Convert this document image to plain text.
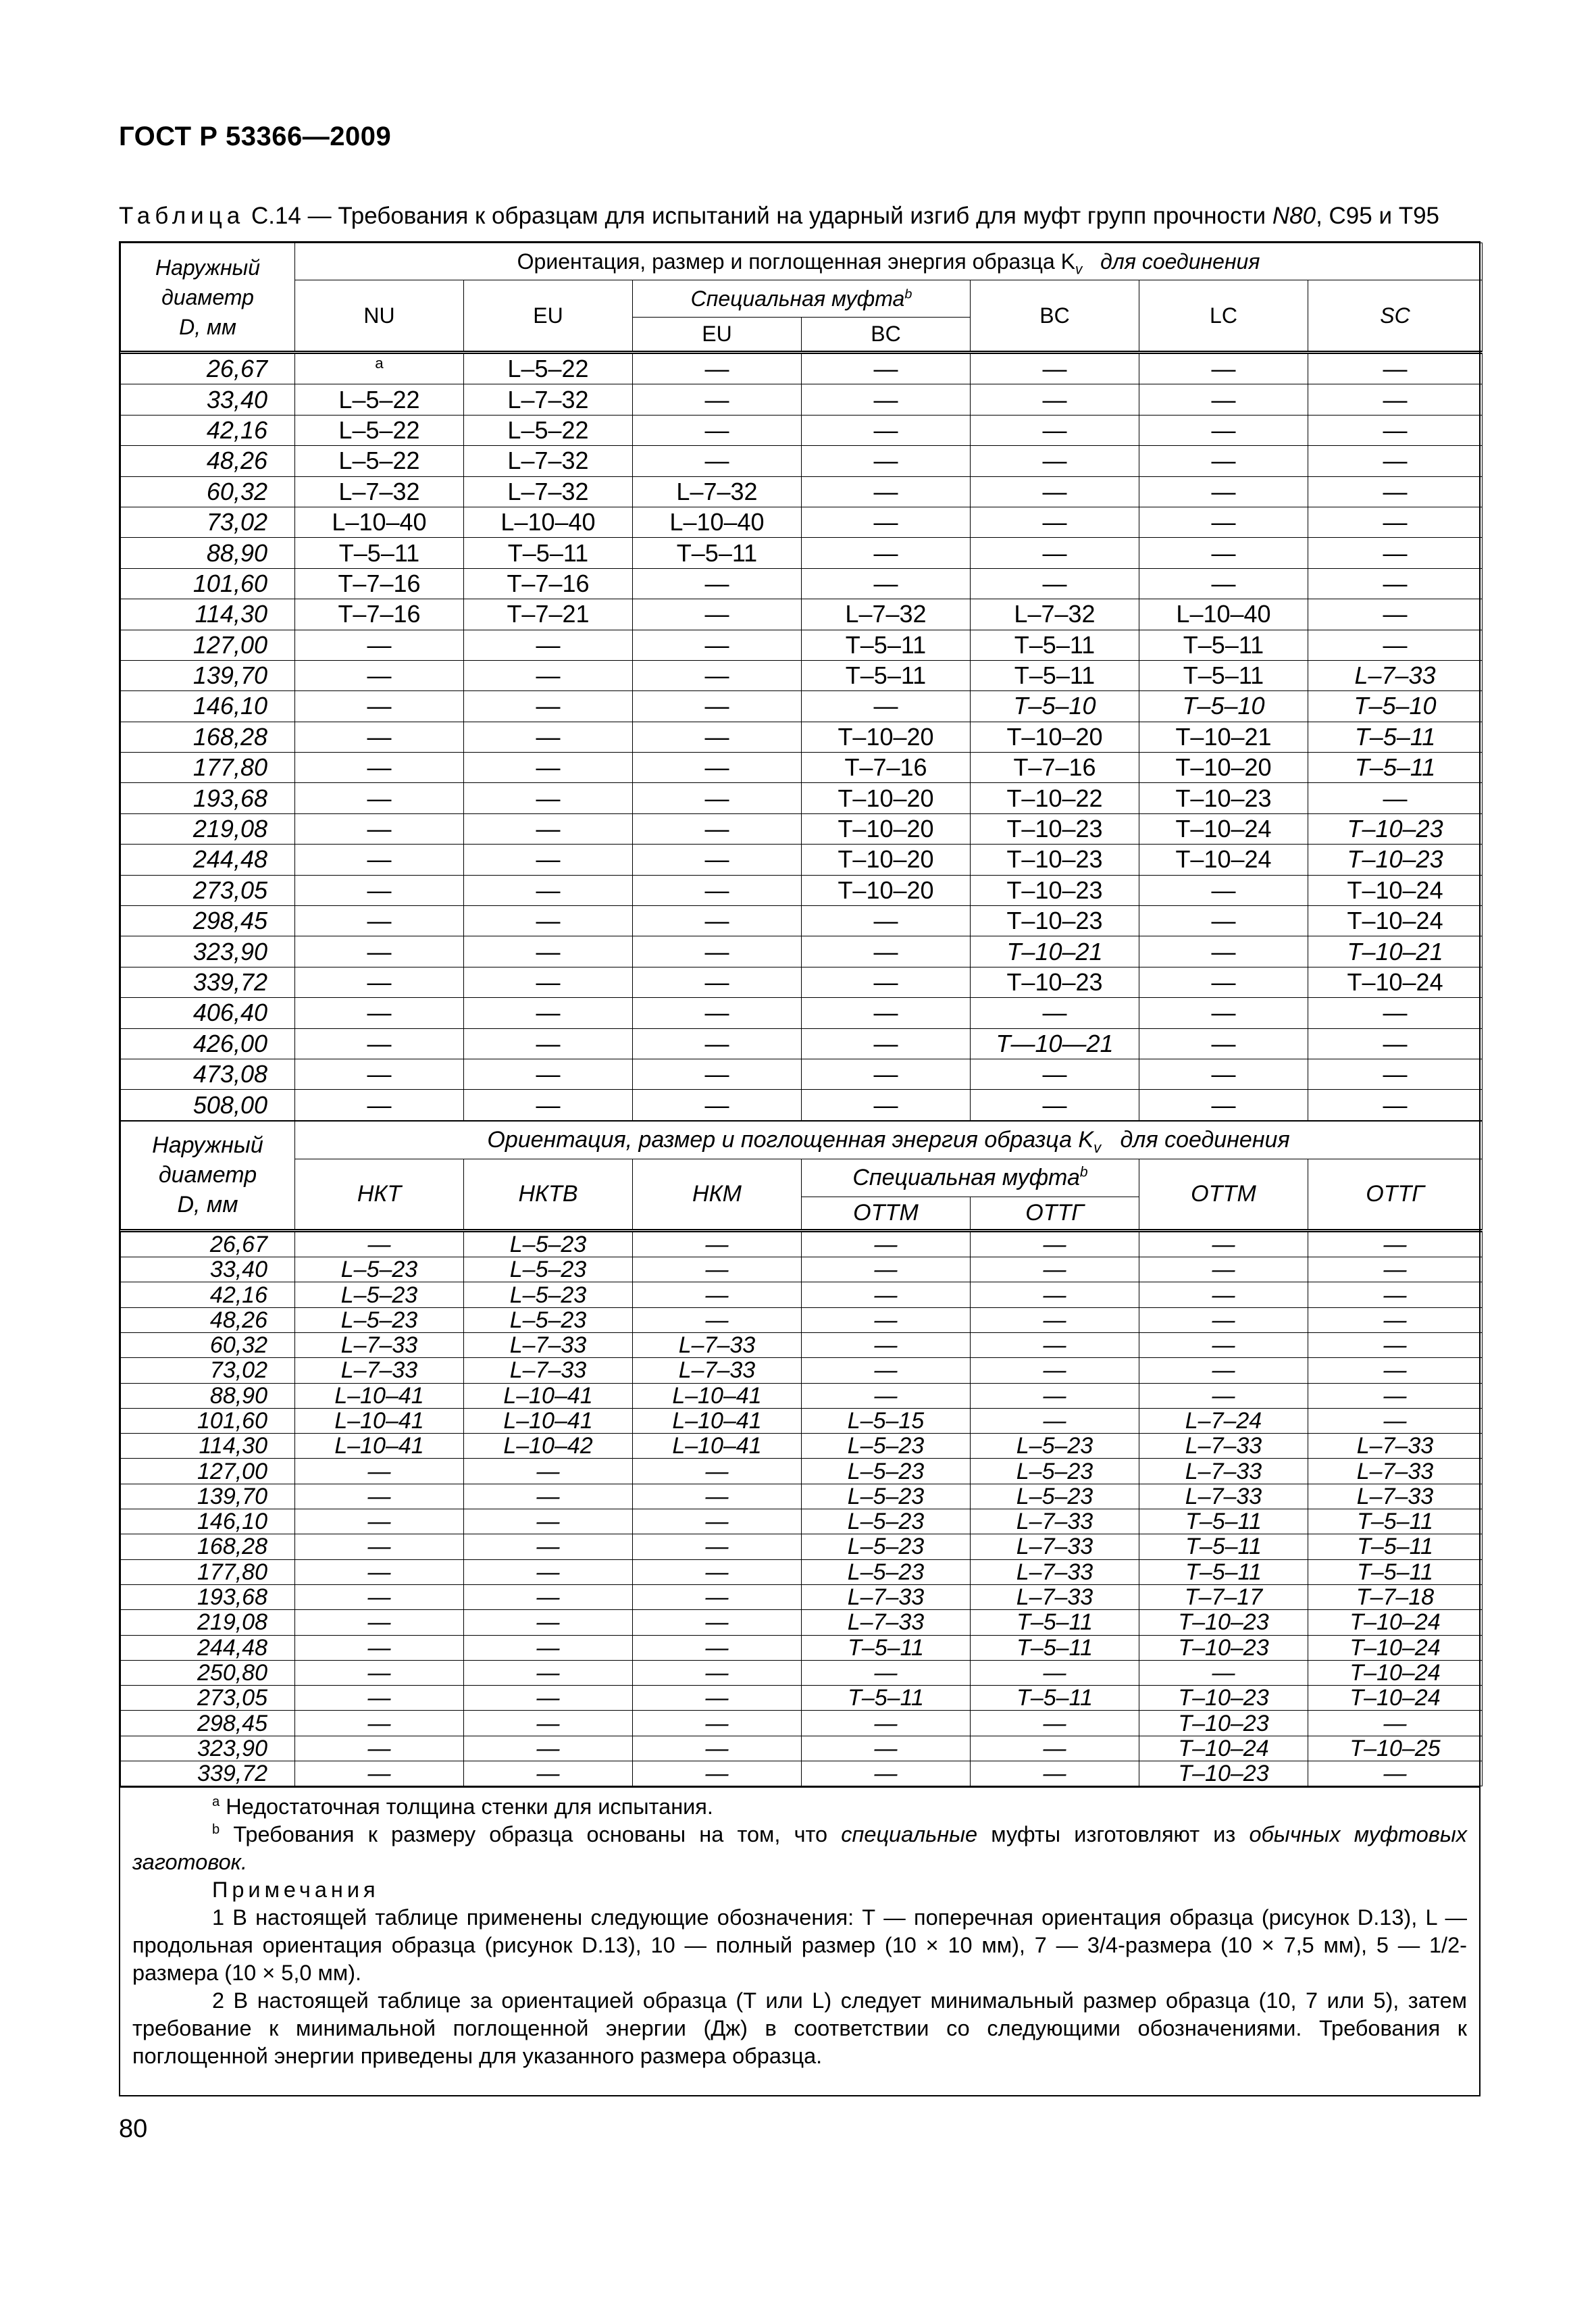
ГОСТ Р 53366—2009
Таблица С.14 — Требования к образцам для испытаний на ударный изгиб для муфт групп прочности N80, С95 и Т95
Наружный
диаметр
D, мм	Ориентация, размер и поглощенная энергия образца $K_v$ для соединения						
	NU	EU	Специальная муфта$^b$		BC	LC	SC
			EU	BC			
26,67	$^a$	L–5–22	—	—	—	—	—
33,40	L–5–22	L–7–32	—	—	—	—	—
42,16	L–5–22	L–5–22	—	—	—	—	—
48,26	L–5–22	L–7–32	—	—	—	—	—
60,32	L–7–32	L–7–32	L–7–32	—	—	—	—
73,02	L–10–40	L–10–40	L–10–40	—	—	—	—
88,90	T–5–11	T–5–11	T–5–11	—	—	—	—
101,60	T–7–16	T–7–16	—	—	—	—	—
114,30	T–7–16	T–7–21	—	L–7–32	L–7–32	L–10–40	—
127,00	—	—	—	T–5–11	T–5–11	T–5–11	—
139,70	—	—	—	T–5–11	T–5–11	T–5–11	L–7–33
146,10	—	—	—	—	T–5–10	T–5–10	T–5–10
168,28	—	—	—	T–10–20	T–10–20	T–10–21	T–5–11
177,80	—	—	—	T–7–16	T–7–16	T–10–20	T–5–11
193,68	—	—	—	T–10–20	T–10–22	T–10–23	—
219,08	—	—	—	T–10–20	T–10–23	T–10–24	T–10–23
244,48	—	—	—	T–10–20	T–10–23	T–10–24	T–10–23
273,05	—	—	—	T–10–20	T–10–23	—	T–10–24
298,45	—	—	—	—	T–10–23	—	T–10–24
323,90	—	—	—	—	T–10–21	—	T–10–21
339,72	—	—	—	—	T–10–23	—	T–10–24
406,40	—	—	—	—	—	—	—
426,00	—	—	—	—	T—10—21	—	—
473,08	—	—	—	—	—	—	—
508,00	—	—	—	—	—	—	—
Наружный
диаметр
D, мм	Ориентация, размер и поглощенная энергия образца $K_v$ для соединения						
	НКТ	НКТВ	НКМ	Специальная муфта$^b$		ОТТМ	ОТТГ
				ОТТМ	ОТТГ		
26,67	—	L–5–23	—	—	—	—	—
33,40	L–5–23	L–5–23	—	—	—	—	—
42,16	L–5–23	L–5–23	—	—	—	—	—
48,26	L–5–23	L–5–23	—	—	—	—	—
60,32	L–7–33	L–7–33	L–7–33	—	—	—	—
73,02	L–7–33	L–7–33	L–7–33	—	—	—	—
88,90	L–10–41	L–10–41	L–10–41	—	—	—	—
101,60	L–10–41	L–10–41	L–10–41	L–5–15	—	L–7–24	—
114,30	L–10–41	L–10–42	L–10–41	L–5–23	L–5–23	L–7–33	L–7–33
127,00	—	—	—	L–5–23	L–5–23	L–7–33	L–7–33
139,70	—	—	—	L–5–23	L–5–23	L–7–33	L–7–33
146,10	—	—	—	L–5–23	L–7–33	T–5–11	T–5–11
168,28	—	—	—	L–5–23	L–7–33	T–5–11	T–5–11
177,80	—	—	—	L–5–23	L–7–33	T–5–11	T–5–11
193,68	—	—	—	L–7–33	L–7–33	T–7–17	T–7–18
219,08	—	—	—	L–7–33	T–5–11	T–10–23	T–10–24
244,48	—	—	—	T–5–11	T–5–11	T–10–23	T–10–24
250,80	—	—	—	—	—	—	T–10–24
273,05	—	—	—	T–5–11	T–5–11	T–10–23	T–10–24
298,45	—	—	—	—	—	T–10–23	—
323,90	—	—	—	—	—	T–10–24	T–10–25
339,72	—	—	—	—	—	T–10–23	—

$^a$ Недостаточная толщина стенки для испытания.

$^b$ Требования к размеру образца основаны на том, что специальные муфты изготовляют из обычных муфтовых заготовок.

Примечания

1 В настоящей таблице применены следующие обозначения: Т — поперечная ориентация образца (рисунок D.13), L — продольная ориентация образца (рисунок D.13), 10 — полный размер (10 × 10 мм), 7 — 3/4-размера (10 × 7,5 мм), 5 — 1/2-размера (10 × 5,0 мм).

2 В настоящей таблице за ориентацией образца (Т или L) следует минимальный размер образца (10, 7 или 5), затем требование к минимальной поглощенной энергии (Дж) в соответствии со следующими обозначениями. Требования к поглощенной энергии приведены для указанного размера образца.

80
